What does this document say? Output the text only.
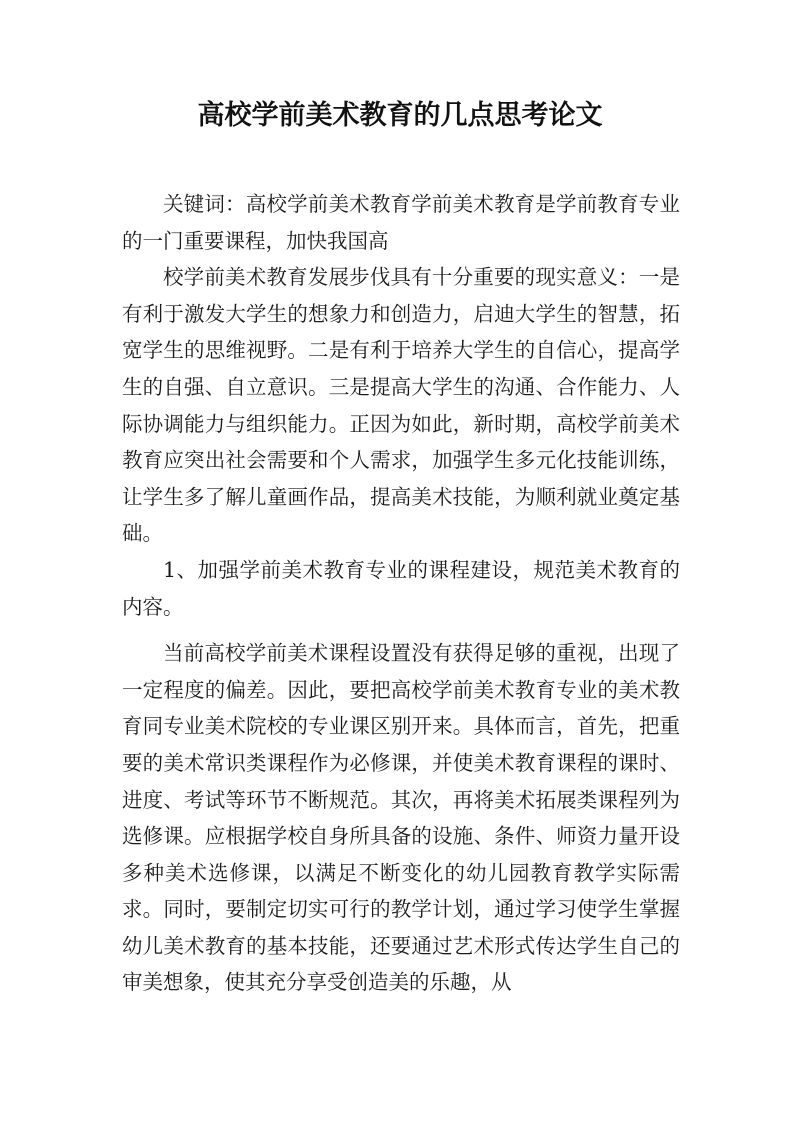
高校学前美术教育的几点思考论文

关键词：高校学前美术教育学前美术教育是学前教育专业的一门重要课程，加快我国高

校学前美术教育发展步伐具有十分重要的现实意义：一是有利于激发大学生的想象力和创造力，启迪大学生的智慧，拓宽学生的思维视野。二是有利于培养大学生的自信心，提高学生的自强、自立意识。三是提高大学生的沟通、合作能力、人际协调能力与组织能力。正因为如此，新时期，高校学前美术教育应突出社会需要和个人需求，加强学生多元化技能训练，让学生多了解儿童画作品，提高美术技能，为顺利就业奠定基础。

1、加强学前美术教育专业的课程建设，规范美术教育的内容。

当前高校学前美术课程设置没有获得足够的重视，出现了一定程度的偏差。因此，要把高校学前美术教育专业的美术教育同专业美术院校的专业课区别开来。具体而言，首先，把重要的美术常识类课程作为必修课，并使美术教育课程的课时、进度、考试等环节不断规范。其次，再将美术拓展类课程列为选修课。应根据学校自身所具备的设施、条件、师资力量开设多种美术选修课，以满足不断变化的幼儿园教育教学实际需求。同时，要制定切实可行的教学计划，通过学习使学生掌握幼儿美术教育的基本技能，还要通过艺术形式传达学生自己的审美想象，使其充分享受创造美的乐趣，从
